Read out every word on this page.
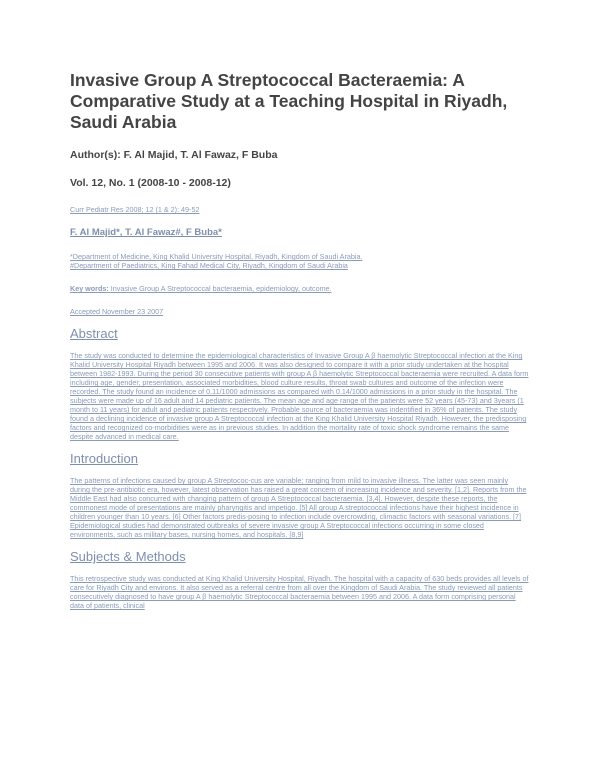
Invasive Group A Streptococcal Bacteraemia: A Comparative Study at a Teaching Hospital in Riyadh, Saudi Arabia
Author(s): F. Al Majid, T. Al Fawaz, F Buba
Vol. 12, No. 1 (2008-10 - 2008-12)
Curr Pediatr Res 2008; 12 (1 & 2): 49-52
F. Al Majid*, T. Al Fawaz#, F Buba*
*Department of Medicine, King Khalid University Hospital, Riyadh, Kingdom of Saudi Arabia.
#Department of Paediatrics, King Fahad Medical City, Riyadh, Kingdom of Saudi Arabia
Key words: Invasive Group A Streptococcal bacteraemia, epidemiology, outcome.
Accepted November 23 2007
Abstract
The study was conducted to determine the epidemiological characteristics of Invasive Group A β haemolytic Streptococcal infection at the King Khalid University Hospital Riyadh between 1995 and 2006. It was also designed to compare it with a prior study undertaken at the hospital between 1982-1993. During the period 30 consecutive patients with group A β haemolytic Streptococcal bacteraemia were recruited. A data form including age, gender, presentation, associated morbidities, blood culture results, throat swab cultures and outcome of the infection were recorded. The study found an incidence of 0.11/1000 admissions as compared with 0.14/1000 admissions in a prior study in the hospital. The subjects were made up of 16 adult and 14 pediatric patients. The mean age and age range of the patients were 52 years (45-73) and 3years (1 month to 11 years) for adult and pediatric patients respectively. Probable source of bacteraemia was indentified in 36% of patients. The study found a declining incidence of invasive group A Streptococcal infection at the King Khalid University Hospital Riyadh. However, the predisposing factors and recognized co-morbidities were as in previous studies. In addition the mortality rate of toxic shock syndrome remains the same despite advanced in medical care.
Introduction
The patterns of infections caused by group A Streptococ-cus are variable; ranging from mild to invasive illness. The latter was seen mainly during the pre-antibiotic era, however, latest observation has raised a great concern of increasing incidence and severity. [1,2]. Reports from the Middle East had also concurred with changing pattern of group A Streptococcal bacteraemia. [3,4]. However, despite these reports, the commonest mode of presentations are mainly pharyngitis and impetigo. [5] All group A streptococcal infections have their highest incidence in children younger than 10 years. [6] Other factors predis-posing to infection include overcrowding, climactic factors with seasonal variations. [7] Epidemiological studies had demonstrated outbreaks of severe invasive group A Streptococcal infections occurring in some closed environments, such as military bases, nursing homes, and hospitals. [8,9]
Subjects & Methods
This retrospective study was conducted at King Khalid University Hospital, Riyadh. The hospital with a capacity of 630 beds provides all levels of care for Riyadh City and environs. It also served as a referral centre from all over the Kingdom of Saudi Arabia. The study reviewed all patients consecutively diagnosed to have group A β haemolytic Streptococcal bacteraemia between 1995 and 2006. A data form comprising personal data of patients, clinical
